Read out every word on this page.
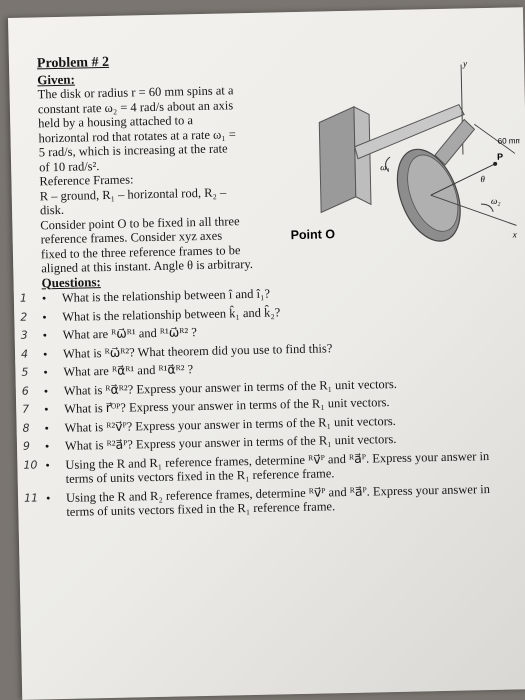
60 mm
y
x
P
θ
ω₁
ω₂
Point O
Problem # 2
Given:

The disk or radius r = 60 mm spins at a

constant rate ω₂ = 4 rad/s about an axis

held by a housing attached to a

horizontal rod that rotates at a rate ω₁ =

5 rad/s, which is increasing at the rate

of 10 rad/s².

Reference Frames:

R – ground, R₁ – horizontal rod, R₂ –

disk.

Consider point O to be fixed in all three

reference frames. Consider xyz axes

fixed to the three reference frames to be

aligned at this instant. Angle θ is arbitrary.

Questions:
1 • What is the relationship between î and î₁?
2 • What is the relationship between k̂₁ and k̂₂?
3 • What are ᴿω⃗ᴿ¹ and ᴿ¹ω⃗ᴿ² ?
4 • What is ᴿω⃗ᴿ²? What theorem did you use to find this?
5 • What are ᴿα⃗ᴿ¹ and ᴿ¹α⃗ᴿ² ?
6 • What is ᴿα⃗ᴿ²? Express your answer in terms of the R₁ unit vectors.
7 • What is r⃗ᴼᴾ? Express your answer in terms of the R₁ unit vectors.
8 • What is ᴿ²v⃗ᴾ? Express your answer in terms of the R₁ unit vectors.
9 • What is ᴿ²a⃗ᴾ? Express your answer in terms of the R₁ unit vectors.
10 • Using the R and R₁ reference frames, determine ᴿv⃗ᴾ and ᴿa⃗ᴾ. Express your answer in terms of units vectors fixed in the R₁ reference frame.
11 • Using the R and R₂ reference frames, determine ᴿv⃗ᴾ and ᴿa⃗ᴾ. Express your answer in terms of units vectors fixed in the R₁ reference frame.
